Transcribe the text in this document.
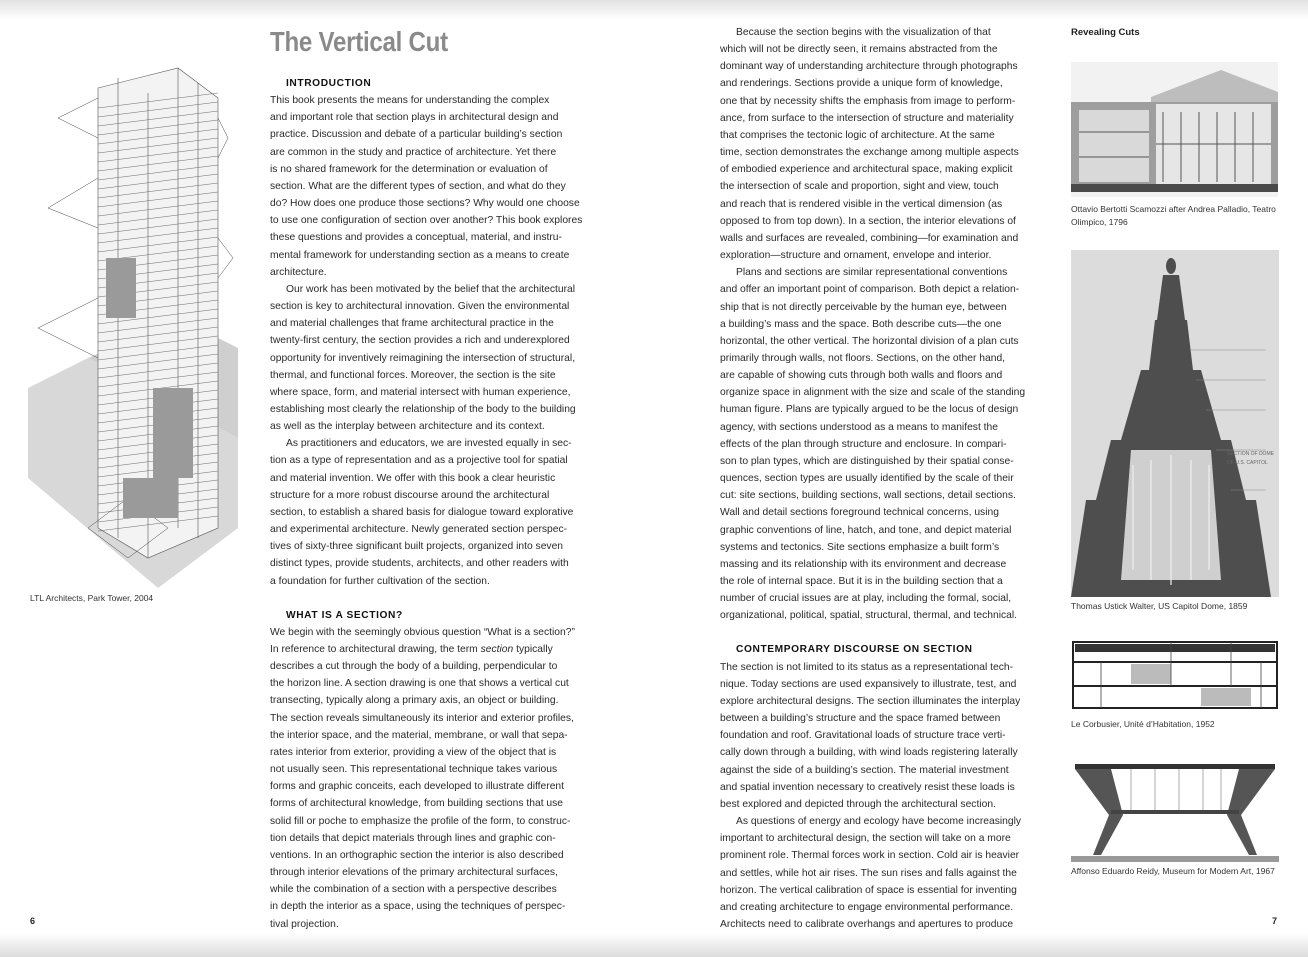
LTL Architects, Park Tower, 2004
The Vertical Cut
INTRODUCTION

This book presents the means for understanding the complex

and important role that section plays in architectural design and

practice. Discussion and debate of a particular building’s section

are common in the study and practice of architecture. Yet there

is no shared framework for the determination or evaluation of

section. What are the different types of section, and what do they

do? How does one produce those sections? Why would one choose

to use one configuration of section over another? This book explores

these questions and provides a conceptual, material, and instru-

mental framework for understanding section as a means to create

architecture.

Our work has been motivated by the belief that the architectural

section is key to architectural innovation. Given the environmental

and material challenges that frame architectural practice in the

twenty-first century, the section provides a rich and underexplored

opportunity for inventively reimagining the intersection of structural,

thermal, and functional forces. Moreover, the section is the site

where space, form, and material intersect with human experience,

establishing most clearly the relationship of the body to the building

as well as the interplay between architecture and its context.

As practitioners and educators, we are invested equally in sec-

tion as a type of representation and as a projective tool for spatial

and material invention. We offer with this book a clear heuristic

structure for a more robust discourse around the architectural

section, to establish a shared basis for dialogue toward explorative

and experimental architecture. Newly generated section perspec-

tives of sixty-three significant built projects, organized into seven

distinct types, provide students, architects, and other readers with

a foundation for further cultivation of the section.

WHAT IS A SECTION?

We begin with the seemingly obvious question “What is a section?”

In reference to architectural drawing, the term section typically

describes a cut through the body of a building, perpendicular to

the horizon line. A section drawing is one that shows a vertical cut

transecting, typically along a primary axis, an object or building.

The section reveals simultaneously its interior and exterior profiles,

the interior space, and the material, membrane, or wall that sepa-

rates interior from exterior, providing a view of the object that is

not usually seen. This representational technique takes various

forms and graphic conceits, each developed to illustrate different

forms of architectural knowledge, from building sections that use

solid fill or poche to emphasize the profile of the form, to construc-

tion details that depict materials through lines and graphic con-

ventions. In an orthographic section the interior is also described

through interior elevations of the primary architectural surfaces,

while the combination of a section with a perspective describes

in depth the interior as a space, using the techniques of perspec-

tival projection.

6

Because the section begins with the visualization of that

which will not be directly seen, it remains abstracted from the

dominant way of understanding architecture through photographs

and renderings. Sections provide a unique form of knowledge,

one that by necessity shifts the emphasis from image to perform-

ance, from surface to the intersection of structure and materiality

that comprises the tectonic logic of architecture. At the same

time, section demonstrates the exchange among multiple aspects

of embodied experience and architectural space, making explicit

the intersection of scale and proportion, sight and view, touch

and reach that is rendered visible in the vertical dimension (as

opposed to from top down). In a section, the interior elevations of

walls and surfaces are revealed, combining—for examination and

exploration—structure and ornament, envelope and interior.

Plans and sections are similar representational conventions

and offer an important point of comparison. Both depict a relation-

ship that is not directly perceivable by the human eye, between

a building’s mass and the space. Both describe cuts—the one

horizontal, the other vertical. The horizontal division of a plan cuts

primarily through walls, not floors. Sections, on the other hand,

are capable of showing cuts through both walls and floors and

organize space in alignment with the size and scale of the standing

human figure. Plans are typically argued to be the locus of design

agency, with sections understood as a means to manifest the

effects of the plan through structure and enclosure. In compari-

son to plan types, which are distinguished by their spatial conse-

quences, section types are usually identified by the scale of their

cut: site sections, building sections, wall sections, detail sections.

Wall and detail sections foreground technical concerns, using

graphic conventions of line, hatch, and tone, and depict material

systems and tectonics. Site sections emphasize a built form’s

massing and its relationship with its environment and decrease

the role of internal space. But it is in the building section that a

number of crucial issues are at play, including the formal, social,

organizational, political, spatial, structural, thermal, and technical.

CONTEMPORARY DISCOURSE ON SECTION

The section is not limited to its status as a representational tech-

nique. Today sections are used expansively to illustrate, test, and

explore architectural designs. The section illuminates the interplay

between a building’s structure and the space framed between

foundation and roof. Gravitational loads of structure trace verti-

cally down through a building, with wind loads registering laterally

against the side of a building’s section. The material investment

and spatial invention necessary to creatively resist these loads is

best explored and depicted through the architectural section.

As questions of energy and ecology have become increasingly

important to architectural design, the section will take on a more

prominent role. Thermal forces work in section. Cold air is heavier

and settles, while hot air rises. The sun rises and falls against the

horizon. The vertical calibration of space is essential for inventing

and creating architecture to engage environmental performance.

Architects need to calibrate overhangs and apertures to produce

Revealing Cuts
Ottavio Bertotti Scamozzi after Andrea Palladio, Teatro
Olimpico, 1796
SECTION OF DOME
OF U.S. CAPITOL
Thomas Ustick Walter, US Capitol Dome, 1859
Le Corbusier, Unité d’Habitation, 1952
Affonso Eduardo Reidy, Museum for Modern Art, 1967
7
